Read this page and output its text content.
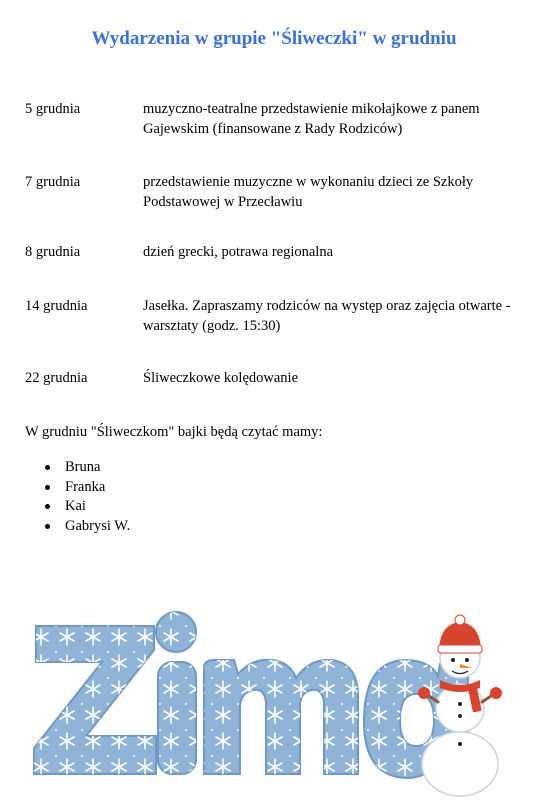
Wydarzenia w grupie "Śliweczki" w grudniu
5 grudnia	muzyczno-teatralne przedstawienie mikołajkowe z panem Gajewskim (finansowane z Rady Rodziców)
7 grudnia	przedstawienie muzyczne w wykonaniu dzieci ze Szkoły Podstawowej w Przecławiu
8 grudnia	dzień grecki, potrawa regionalna
14 grudnia	Jasełka. Zapraszamy rodziców na występ oraz zajęcia otwarte - warsztaty (godz. 15:30)
22 grudnia	Śliweczkowe kolędowanie
W grudniu "Śliweczkom" bajki będą czytać mamy:
Bruna
Franka
Kai
Gabrysi W.
